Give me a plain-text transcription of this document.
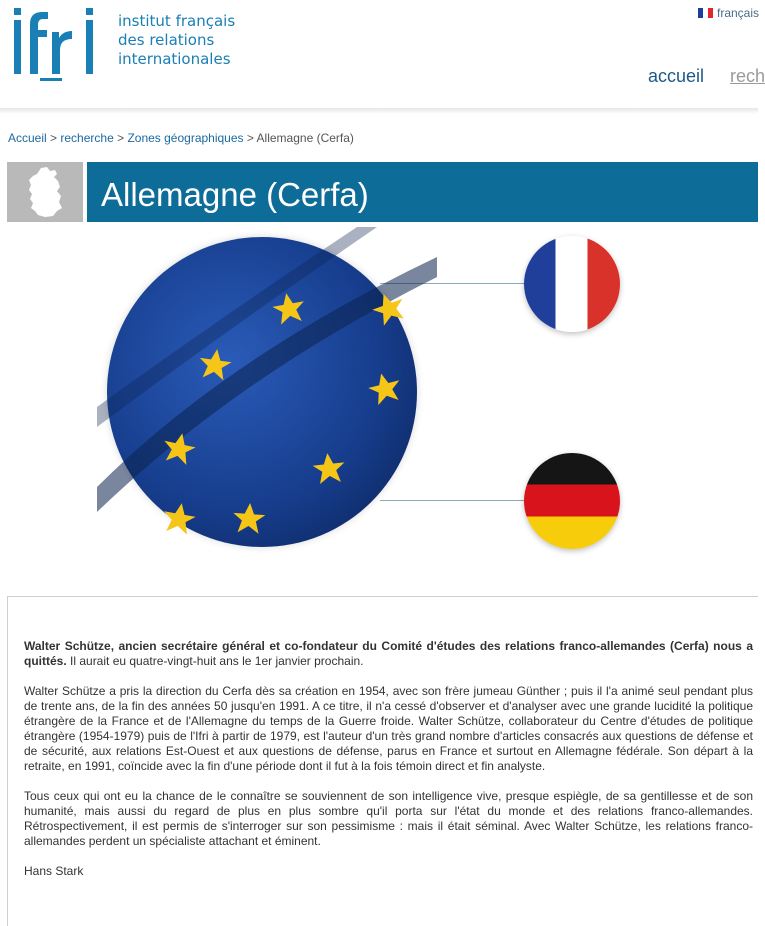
institut français
des relations
internationales
français
accueil rech
Accueil > recherche > Zones géographiques > Allemagne (Cerfa)
Allemagne (Cerfa)

Walter Schütze, ancien secrétaire général et co-fondateur du Comité d'études des relations franco-allemandes (Cerfa) nous a quittés. Il aurait eu quatre-vingt-huit ans le 1er janvier prochain.

Walter Schütze a pris la direction du Cerfa dès sa création en 1954, avec son frère jumeau Günther ; puis il l'a animé seul pendant plus de trente ans, de la fin des années 50 jusqu'en 1991. A ce titre, il n'a cessé d'observer et d'analyser avec une grande lucidité la politique étrangère de la France et de l'Allemagne du temps de la Guerre froide. Walter Schütze, collaborateur du Centre d'études de politique étrangère (1954-1979) puis de l'Ifri à partir de 1979, est l'auteur d'un très grand nombre d'articles consacrés aux questions de défense et de sécurité, aux relations Est-Ouest et aux questions de défense, parus en France et surtout en Allemagne fédérale. Son départ à la retraite, en 1991, coïncide avec la fin d'une période dont il fut à la fois témoin direct et fin analyste.

Tous ceux qui ont eu la chance de le connaître se souviennent de son intelligence vive, presque espiègle, de sa gentillesse et de son humanité, mais aussi du regard de plus en plus sombre qu'il porta sur l'état du monde et des relations franco-allemandes. Rétrospectivement, il est permis de s'interroger sur son pessimisme : mais il était séminal. Avec Walter Schütze, les relations franco-allemandes perdent un spécialiste attachant et éminent.

Hans Stark
